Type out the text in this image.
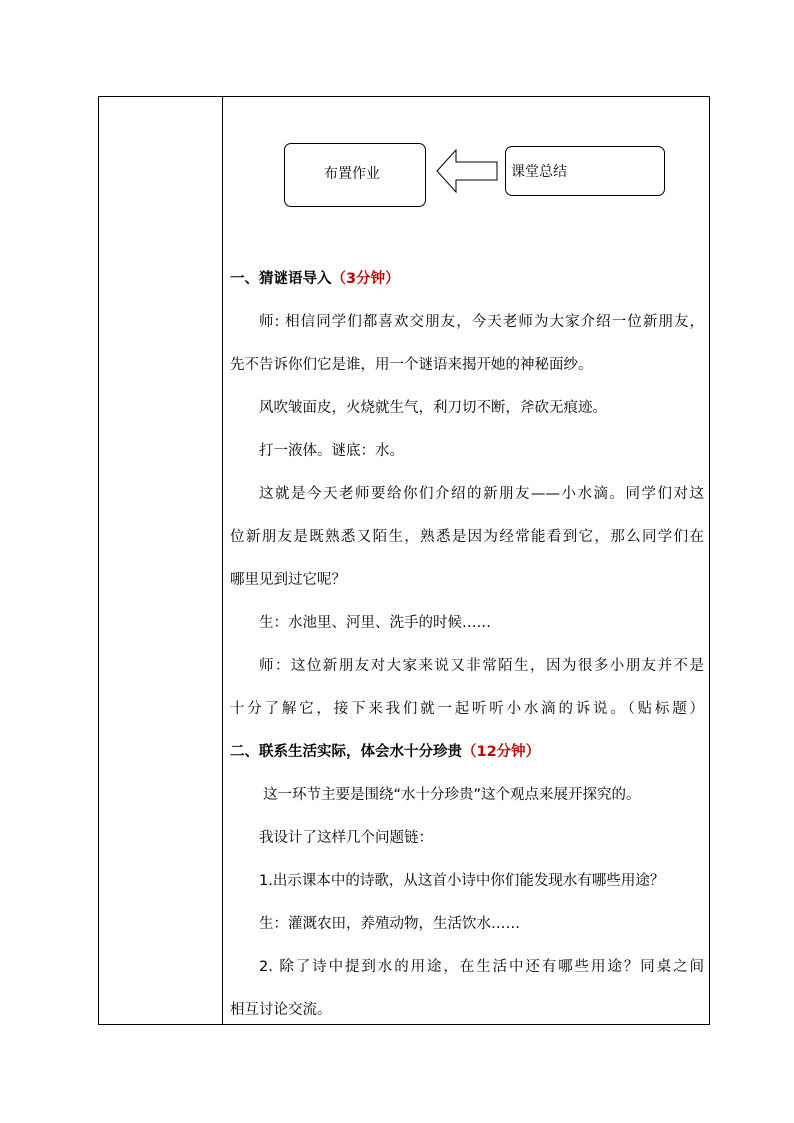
布置作业	课堂总结
一、猜谜语导入（3分钟）
师: 相信同学们都喜欢交朋友，今天老师为大家介绍一位新朋友，
先不告诉你们它是谁，用一个谜语来揭开她的神秘面纱。
风吹皱面皮，火烧就生气，利刀切不断，斧砍无痕迹。
打一液体。谜底：水。
这就是今天老师要给你们介绍的新朋友——小水滴。同学们对这
位新朋友是既熟悉又陌生，熟悉是因为经常能看到它，那么同学们在
哪里见到过它呢？
生：水池里、河里、洗手的时候……
师：这位新朋友对大家来说又非常陌生，因为很多小朋友并不是
十分了解它，接下来我们就一起听听小水滴的诉说。（贴标题）
二、联系生活实际，体会水十分珍贵（12分钟）
这一环节主要是围绕“水十分珍贵”这个观点来展开探究的。
我设计了这样几个问题链：
1.出示课本中的诗歌，从这首小诗中你们能发现水有哪些用途？
生：灌溉农田，养殖动物，生活饮水……
2. 除了诗中提到水的用途，在生活中还有哪些用途？同桌之间
相互讨论交流。
